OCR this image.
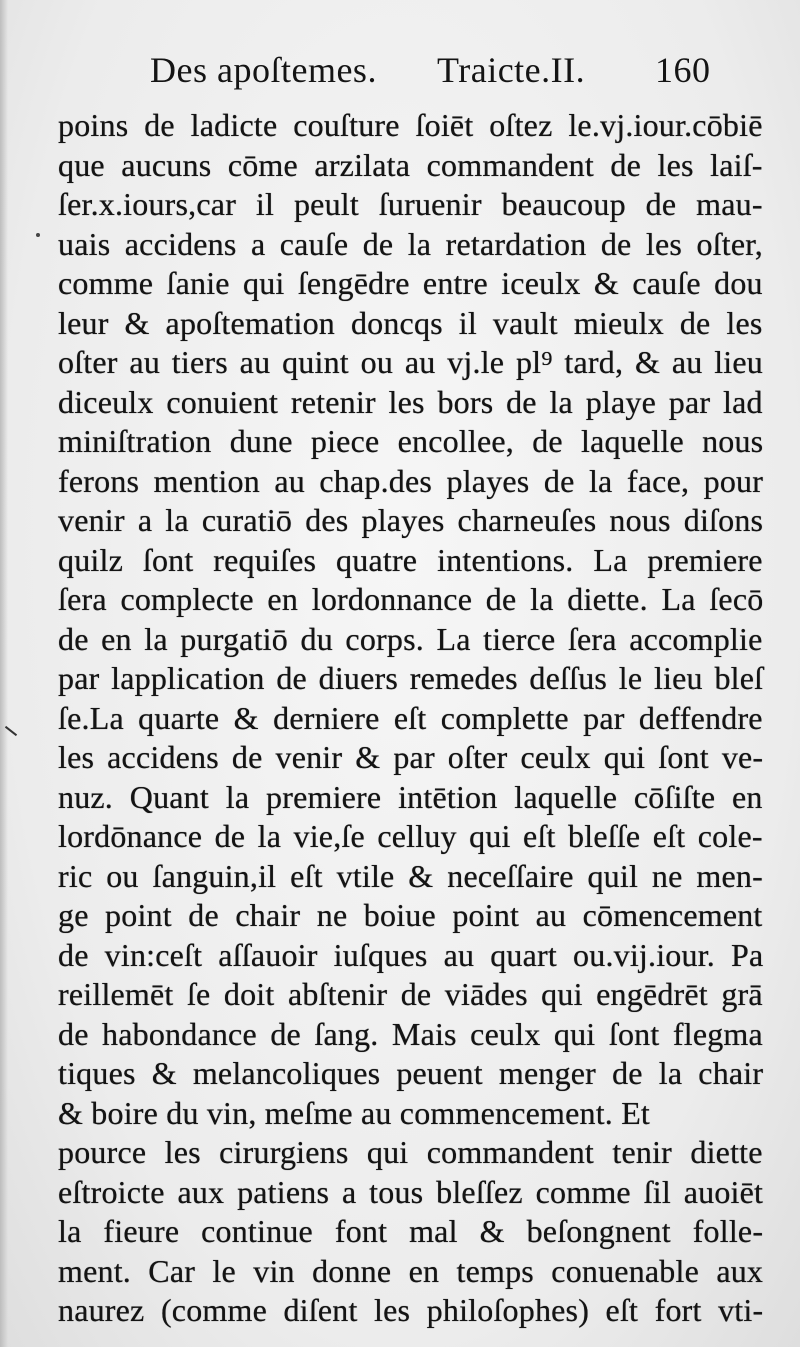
Des apoſtemes. Traicte.II. 160
poins de ladicte couſture ſoiēt oſtez le.vj.iour.cōbiē
que aucuns cōme arzilata commandent de les laiſ-
ſer.x.iours,car il peult ſuruenir beaucoup de mau-
uais accidens a cauſe de la retardation de les oſter,
comme ſanie qui ſengēdre entre iceulx & cauſe dou
leur & apoſtemation doncqs il vault mieulx de les
oſter au tiers au quint ou au vj.le pl⁹ tard, & au lieu
diceulx conuient retenir les bors de la playe par lad
miniſtration dune piece encollee, de laquelle nous
ferons mention au chap.des playes de la face, pour
venir a la curatiō des playes charneuſes nous diſons
quilz ſont requiſes quatre intentions. La premiere
ſera complecte en lordonnance de la diette. La ſecō
de en la purgatiō du corps. La tierce ſera accomplie
par lapplication de diuers remedes deſſus le lieu bleſ
ſe.La quarte & derniere eſt complette par deffendre
les accidens de venir & par oſter ceulx qui ſont ve-
nuz. Quant la premiere intētion laquelle cōſiſte en
lordōnance de la vie,ſe celluy qui eſt bleſſe eſt cole-
ric ou ſanguin,il eſt vtile & neceſſaire quil ne men-
ge point de chair ne boiue point au cōmencement
de vin:ceſt aſſauoir iuſques au quart ou.vij.iour. Pa
reillemēt ſe doit abſtenir de viādes qui engēdrēt grā
de habondance de ſang. Mais ceulx qui ſont flegma
tiques & melancoliques peuent menger de la chair
& boire du vin, meſme au commencement. Et
pource les cirurgiens qui commandent tenir diette
eſtroicte aux patiens a tous bleſſez comme ſil auoiēt
la fieure continue font mal & beſongnent folle-
ment. Car le vin donne en temps conuenable aux
naurez (comme diſent les philoſophes) eſt fort vti-
